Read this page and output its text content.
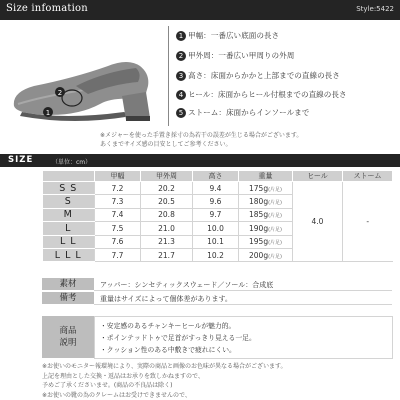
Size infomation	Style:5422
2
1
1 甲幅：一番広い底面の長さ
2 甲外周：一番広い甲周りの外周
3 高さ：床面からかかと上部までの直線の長さ
4 ヒール：床面からヒール付根までの直線の長さ
5 ストーム：床面からインソールまで
※メジャーを使った手置き採寸の為若干の誤差が生じる場合がございます。
あくまでサイズ感の目安としてご参考ください。
SIZE	（単位：cm）
	甲幅	甲外周	高さ	重量	ヒール	ストーム
S S	7.2	20.2	9.4	175g(片足)	4.0	-
S	7.3	20.5	9.6	180g(片足)		
M	7.4	20.8	9.7	185g(片足)		
L	7.5	21.0	10.0	190g(片足)		
L L	7.6	21.3	10.1	195g(片足)		
L L L	7.7	21.7	10.2	200g(片足)		
素材	アッパー：シンセティックスウェード／ソール：合成底
備考	重量はサイズによって個体差があります。
商品
説明
・安定感のあるチャンキーヒールが魅力的。
・ポインテッドトゥで足首がすっきり見える一足。
・クッション性のある中敷きで疲れにくい。
※お使いのモニター報環境により、実際の商品と画像のお色味が異なる場合がございます。
上記を理由とした交換・返品はお承りを致しかねますので、
予めご了承くださいませ。(商品の不良品は除く)
※お使いの靴の為のクレームはお受けできませんので、
